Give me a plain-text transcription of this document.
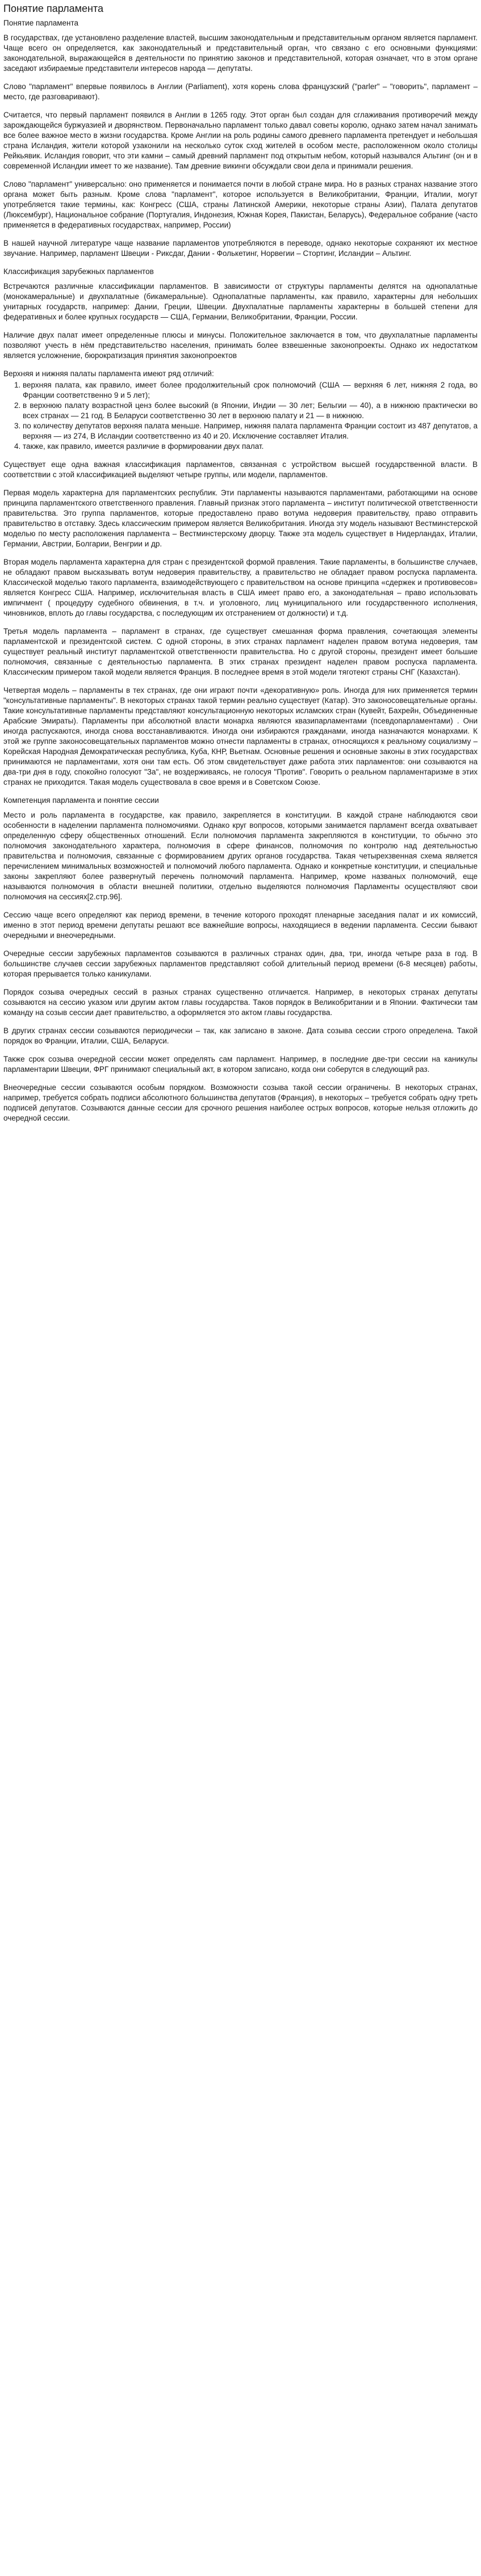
Понятие парламента
Понятие парламента

В государствах, где установлено разделение властей, высшим законодательным и представительным органом является парламент. Чаще всего он определяется, как законодательный и представительный орган, что связано с его основными функциями: законодательной, выражающейся в деятельности по принятию законов и представительной, которая означает, что в этом органе заседают избираемые представители интересов народа — депутаты.

Слово "парламент" впервые появилось в Англии (Parliament), хотя корень слова французский ("parler" – "говорить", парламент – место, где разговаривают).

Считается, что первый парламент появился в Англии в 1265 году. Этот орган был создан для сглаживания противоречий между зарождающейся буржуазией и дворянством. Первоначально парламент только давал советы королю, однако затем начал занимать все более важное место в жизни государства. Кроме Англии на роль родины самого древнего парламента претендует и небольшая страна Исландия, жители которой узаконили на несколько суток сход жителей в особом месте, расположенном около столицы Рейкьявик. Исландия говорит, что эти камни – самый древний парламент под открытым небом, который назывался Альтинг (он и в современной Исландии имеет то же название). Там древние викинги обсуждали свои дела и принимали решения.

Слово "парламент" универсально: оно применяется и понимается почти в любой стране мира. Но в разных странах название этого органа может быть разным. Кроме слова "парламент", которое используется в Великобритании, Франции, Италии, могут употребляется такие термины, как: Конгресс (США, страны Латинской Америки, некоторые страны Азии), Палата депутатов (Люксембург), Национальное собрание (Португалия, Индонезия, Южная Корея, Пакистан, Беларусь), Федеральное собрание (часто применяется в федеративных государствах, например, России)

В нашей научной литературе чаще название парламентов употребляются в переводе, однако некоторые сохраняют их местное звучание. Например, парламент Швеции - Риксдаг, Дании - Фолькетинг, Норвегии – Стортинг, Исландии – Альтинг.

Классификация зарубежных парламентов

Встречаются различные классификации парламентов. В зависимости от структуры парламенты делятся на однопалатные (монокамеральные) и двухпалатные (бикамеральные). Однопалатные парламенты, как правило, характерны для небольших унитарных государств, например: Дании, Греции, Швеции. Двухпалатные парламенты характерны в большей степени для федеративных и более крупных государств — США, Германии, Великобритании, Франции, России.

Наличие двух палат имеет определенные плюсы и минусы. Положительное заключается в том, что двухпалатные парламенты позволяют учесть в нём представительство населения, принимать более взвешенные законопроекты. Однако их недостатком является усложнение, бюрократизация принятия законопроектов

Верхняя и нижняя палаты парламента имеют ряд отличий:

1. верхняя палата, как правило, имеет более продолжительный срок полномочий (США — верхняя 6 лет, нижняя 2 года, во Франции соответственно 9 и 5 лет);
2. в верхнюю палату возрастной ценз более высокий (в Японии, Индии — 30 лет; Бельгии — 40), а в нижнюю практически во всех странах — 21 год. В Беларуси соответственно 30 лет в верхнюю палату и 21 — в нижнюю.
3. по количеству депутатов верхняя палата меньше. Например, нижняя палата парламента Франции состоит из 487 депутатов, а верхняя — из 274, В Исландии соответственно из 40 и 20. Исключение составляет Италия.
4. также, как правило, имеется различие в формировании двух палат.

Существует еще одна важная классификация парламентов, связанная с устройством высшей государственной власти. В соответствии с этой классификацией выделяют четыре группы, или модели, парламентов.

Первая модель характерна для парламентских республик. Эти парламенты называются парламентами, работающими на основе принципа парламентского ответственного правления. Главный признак этого парламента – институт политической ответственности правительства. Это группа парламентов, которые предоставлено право вотума недоверия правительству, право отправить правительство в отставку. Здесь классическим примером является Великобритания. Иногда эту модель называют Вестминстерской моделью по месту расположения парламента – Вестминстерскому дворцу. Также эта модель существует в Нидерландах, Италии, Германии, Австрии, Болгарии, Венгрии и др.

Вторая модель парламента характерна для стран с президентской формой правления. Такие парламенты, в большинстве случаев, не обладают правом высказывать вотум недоверия правительству, а правительство не обладает правом роспуска парламента. Классической моделью такого парламента, взаимодействующего с правительством на основе принципа «сдержек и противовесов» является Конгресс США. Например, исключительная власть в США имеет право его, а законодательная – право использовать импичмент ( процедуру судебного обвинения, в т.ч. и уголовного, лиц муниципального или государственного исполнения, чиновников, вплоть до главы государства, с последующим их отстранением от должности) и т.д.

Третья модель парламента – парламент в странах, где существует смешанная форма правления, сочетающая элементы парламентской и президентской систем. С одной стороны, в этих странах парламент наделен правом вотума недоверия, там существует реальный институт парламентской ответственности правительства. Но с другой стороны, президент имеет большие полномочия, связанные с деятельностью парламента. В этих странах президент наделен правом роспуска парламента. Классическим примером такой модели является Франция. В последнее время в этой модели тяготеют страны СНГ (Казахстан).

Четвертая модель – парламенты в тех странах, где они играют почти «декоративную» роль. Иногда для них применяется термин "консультативные парламенты". В некоторых странах такой термин реально существует (Катар). Это законосовещательные органы. Такие консультативные парламенты представляют консультационную некоторых исламских стран (Кувейт, Бахрейн, Объединенные Арабские Эмираты). Парламенты при абсолютной власти монарха являются квазипарламентами (псевдопарламентами) . Они иногда распускаются, иногда снова восстанавливаются. Иногда они избираются гражданами, иногда назначаются монархами. К этой же группе законосовещательных парламентов можно отнести парламенты в странах, относящихся к реальному социализму – Корейская Народная Демократическая республика, Куба, КНР, Вьетнам. Основные решения и основные законы в этих государствах принимаются не парламентами, хотя они там есть. Об этом свидетельствует даже работа этих парламентов: они созываются на два-три дня в году, спокойно голосуют "За", не воздерживаясь, не голосуя "Против". Говорить о реальном парламентаризме в этих странах не приходится. Такая модель существовала в свое время и в Советском Союзе.

Компетенция парламента и понятие сессии

Место и роль парламента в государстве, как правило, закрепляется в конституции. В каждой стране наблюдаются свои особенности в наделении парламента полномочиями. Однако круг вопросов, которыми занимается парламент всегда охватывает определенную сферу общественных отношений. Если полномочия парламента закрепляются в конституции, то обычно это полномочия законодательного характера, полномочия в сфере финансов, полномочия по контролю над деятельностью правительства и полномочия, связанные с формированием других органов государства. Такая четырехзвенная схема является перечислением минимальных возможностей и полномочий любого парламента. Однако и конкретные конституции, и специальные законы закрепляют более развернутый перечень полномочий парламента. Например, кроме названых полномочий, еще называются полномочия в области внешней политики, отдельно выделяются полномочия Парламенты осуществляют свои полномочия на сессиях[2.стр.96].

Сессию чаще всего определяют как период времени, в течение которого проходят пленарные заседания палат и их комиссий, именно в этот период времени депутаты решают все важнейшие вопросы, находящиеся в ведении парламента. Сессии бывают очередными и внеочередными.

Очередные сессии зарубежных парламентов созываются в различных странах один, два, три, иногда четыре раза в год. В большинстве случаев сессии зарубежных парламентов представляют собой длительный период времени (6-8 месяцев) работы, которая прерывается только каникулами.

Порядок созыва очередных сессий в разных странах существенно отличается. Например, в некоторых странах депутаты созываются на сессию указом или другим актом главы государства. Таков порядок в Великобритании и в Японии. Фактически там команду на созыв сессии дает правительство, а оформляется это актом главы государства.

В других странах сессии созываются периодически – так, как записано в законе. Дата созыва сессии строго определена. Такой порядок во Франции, Италии, США, Беларуси.

Также срок созыва очередной сессии может определять сам парламент. Например, в последние две-три сессии на каникулы парламентарии Швеции, ФРГ принимают специальный акт, в котором записано, когда они соберутся в следующий раз.

Внеочередные сессии созываются особым порядком. Возможности созыва такой сессии ограничены. В некоторых странах, например, требуется собрать подписи абсолютного большинства депутатов (Франция), в некоторых – требуется собрать одну треть подписей депутатов. Созываются данные сессии для срочного решения наиболее острых вопросов, которые нельзя отложить до очередной сессии.
